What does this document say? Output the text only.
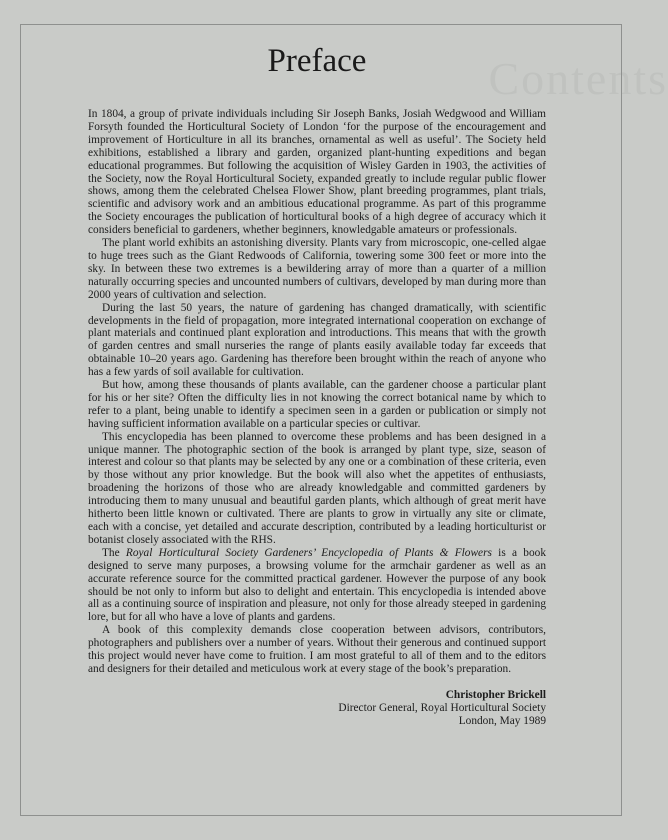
Contents
Preface

In 1804, a group of private individuals including Sir Joseph Banks, Josiah Wedgwood and William Forsyth founded the Horticultural Society of London ‘for the purpose of the encouragement and improvement of Horticulture in all its branches, ornamental as well as useful’. The Society held exhibitions, established a library and garden, organized plant-hunting expeditions and began educational programmes. But following the acquisition of Wisley Garden in 1903, the activities of the Society, now the Royal Horticultural Society, expanded greatly to include regular public flower shows, among them the celebrated Chelsea Flower Show, plant breeding programmes, plant trials, scientific and advisory work and an ambitious educational programme. As part of this programme the Society encourages the publication of horticultural books of a high degree of accuracy which it considers beneficial to gardeners, whether beginners, knowledgable amateurs or professionals.

The plant world exhibits an astonishing diversity. Plants vary from microscopic, one-celled algae to huge trees such as the Giant Redwoods of California, towering some 300 feet or more into the sky. In between these two extremes is a bewildering array of more than a quarter of a million naturally occurring species and uncounted numbers of cultivars, developed by man during more than 2000 years of cultivation and selection.

During the last 50 years, the nature of gardening has changed dramatically, with scientific developments in the field of propagation, more integrated international cooperation on exchange of plant materials and continued plant exploration and introductions. This means that with the growth of garden centres and small nurseries the range of plants easily available today far exceeds that obtainable 10–20 years ago. Gardening has therefore been brought within the reach of anyone who has a few yards of soil available for cultivation.

But how, among these thousands of plants available, can the gardener choose a particular plant for his or her site? Often the difficulty lies in not knowing the correct botanical name by which to refer to a plant, being unable to identify a specimen seen in a garden or publication or simply not having sufficient information available on a particular species or cultivar.

This encyclopedia has been planned to overcome these problems and has been designed in a unique manner. The photographic section of the book is arranged by plant type, size, season of interest and colour so that plants may be selected by any one or a combination of these criteria, even by those without any prior knowledge. But the book will also whet the appetites of enthusiasts, broadening the horizons of those who are already knowledgable and committed gardeners by introducing them to many unusual and beautiful garden plants, which although of great merit have hitherto been little known or cultivated. There are plants to grow in virtually any site or climate, each with a concise, yet detailed and accurate description, contributed by a leading horticulturist or botanist closely associated with the RHS.

The Royal Horticultural Society Gardeners’ Encyclopedia of Plants & Flowers is a book designed to serve many purposes, a browsing volume for the armchair gardener as well as an accurate reference source for the committed practical gardener. However the purpose of any book should be not only to inform but also to delight and entertain. This encyclopedia is intended above all as a continuing source of inspiration and pleasure, not only for those already steeped in gardening lore, but for all who have a love of plants and gardens.

A book of this complexity demands close cooperation between advisors, contributors, photographers and publishers over a number of years. Without their generous and continued support this project would never have come to fruition. I am most grateful to all of them and to the editors and designers for their detailed and meticulous work at every stage of the book’s preparation.

Christopher Brickell
Director General, Royal Horticultural Society
London, May 1989
